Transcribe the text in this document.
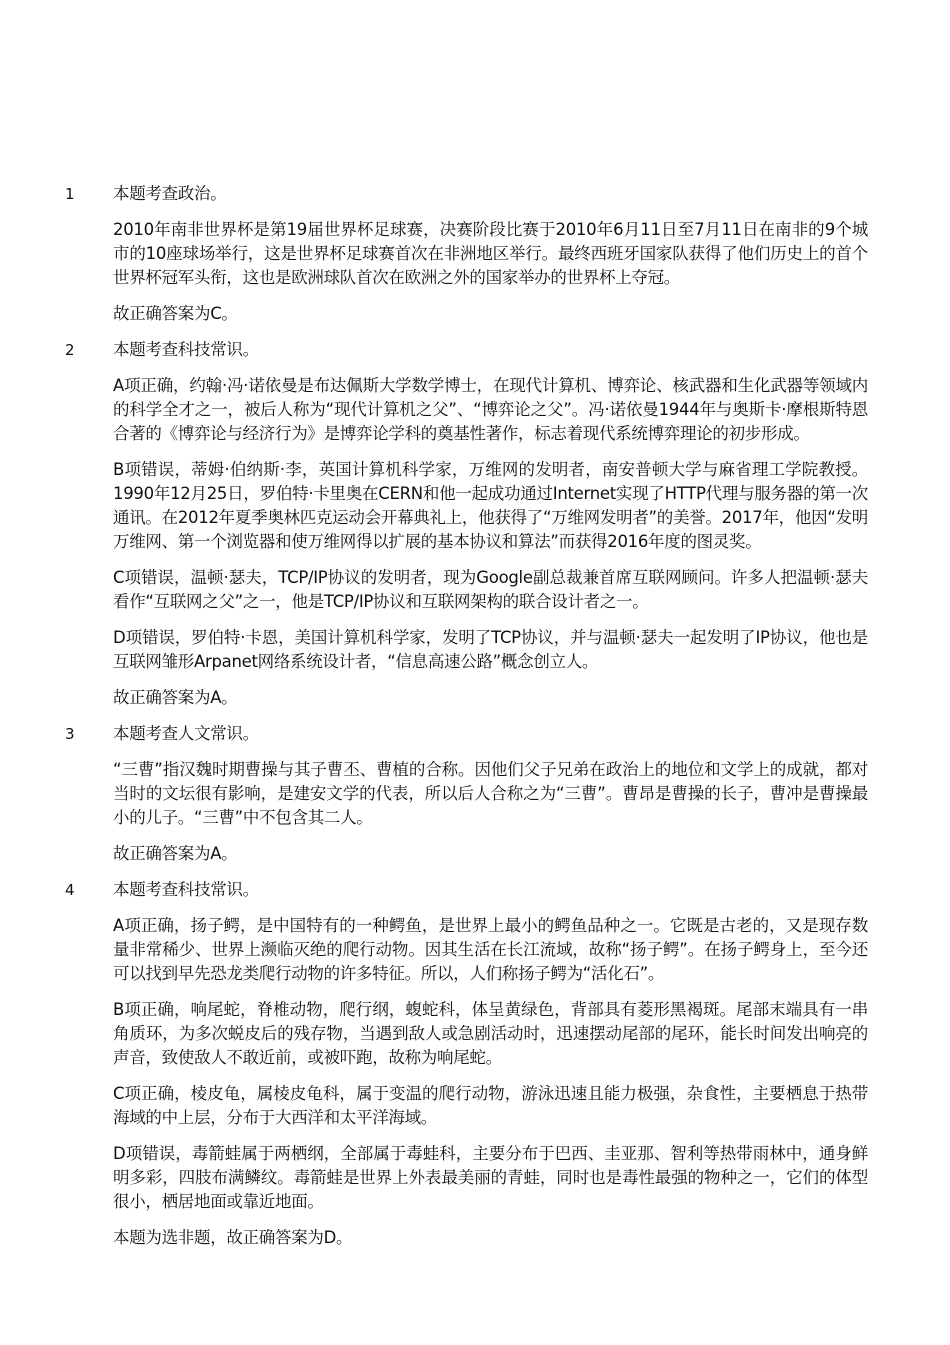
1 本题考查政治。

2010年南非世界杯是第19届世界杯足球赛，决赛阶段比赛于2010年6月11日至7月11日在南非的9个城市的10座球场举行，这是世界杯足球赛首次在非洲地区举行。最终西班牙国家队获得了他们历史上的首个世界杯冠军头衔，这也是欧洲球队首次在欧洲之外的国家举办的世界杯上夺冠。

故正确答案为C。

2 本题考查科技常识。

A项正确，约翰·冯·诺依曼是布达佩斯大学数学博士，在现代计算机、博弈论、核武器和生化武器等领域内的科学全才之一，被后人称为“现代计算机之父”、“博弈论之父”。冯·诺依曼1944年与奥斯卡·摩根斯特恩合著的《博弈论与经济行为》是博弈论学科的奠基性著作，标志着现代系统博弈理论的初步形成。

B项错误，蒂姆·伯纳斯·李，英国计算机科学家，万维网的发明者，南安普顿大学与麻省理工学院教授。1990年12月25日，罗伯特·卡里奥在CERN和他一起成功通过Internet实现了HTTP代理与服务器的第一次通讯。在2012年夏季奥林匹克运动会开幕典礼上，他获得了“万维网发明者”的美誉。2017年，他因“发明万维网、第一个浏览器和使万维网得以扩展的基本协议和算法”而获得2016年度的图灵奖。

C项错误，温顿·瑟夫，TCP/IP协议的发明者，现为Google副总裁兼首席互联网顾问。许多人把温顿·瑟夫看作“互联网之父”之一，他是TCP/IP协议和互联网架构的联合设计者之一。

D项错误，罗伯特·卡恩，美国计算机科学家，发明了TCP协议，并与温顿·瑟夫一起发明了IP协议，他也是互联网雏形Arpanet网络系统设计者，“信息高速公路”概念创立人。

故正确答案为A。

3 本题考查人文常识。

“三曹”指汉魏时期曹操与其子曹丕、曹植的合称。因他们父子兄弟在政治上的地位和文学上的成就，都对当时的文坛很有影响，是建安文学的代表，所以后人合称之为“三曹”。曹昂是曹操的长子，曹冲是曹操最小的儿子。“三曹”中不包含其二人。

故正确答案为A。

4 本题考查科技常识。

A项正确，扬子鳄，是中国特有的一种鳄鱼，是世界上最小的鳄鱼品种之一。它既是古老的，又是现存数量非常稀少、世界上濒临灭绝的爬行动物。因其生活在长江流域，故称“扬子鳄”。在扬子鳄身上，至今还可以找到早先恐龙类爬行动物的许多特征。所以，人们称扬子鳄为“活化石”。

B项正确，响尾蛇，脊椎动物，爬行纲，蝮蛇科，体呈黄绿色，背部具有菱形黑褐斑。尾部末端具有一串角质环，为多次蜕皮后的残存物，当遇到敌人或急剧活动时，迅速摆动尾部的尾环，能长时间发出响亮的声音，致使敌人不敢近前，或被吓跑，故称为响尾蛇。

C项正确，棱皮龟，属棱皮龟科，属于变温的爬行动物，游泳迅速且能力极强，杂食性，主要栖息于热带海域的中上层，分布于大西洋和太平洋海域。

D项错误，毒箭蛙属于两栖纲，全部属于毒蛙科，主要分布于巴西、圭亚那、智利等热带雨林中，通身鲜明多彩，四肢布满鳞纹。毒箭蛙是世界上外表最美丽的青蛙，同时也是毒性最强的物种之一，它们的体型很小，栖居地面或靠近地面。

本题为选非题，故正确答案为D。
